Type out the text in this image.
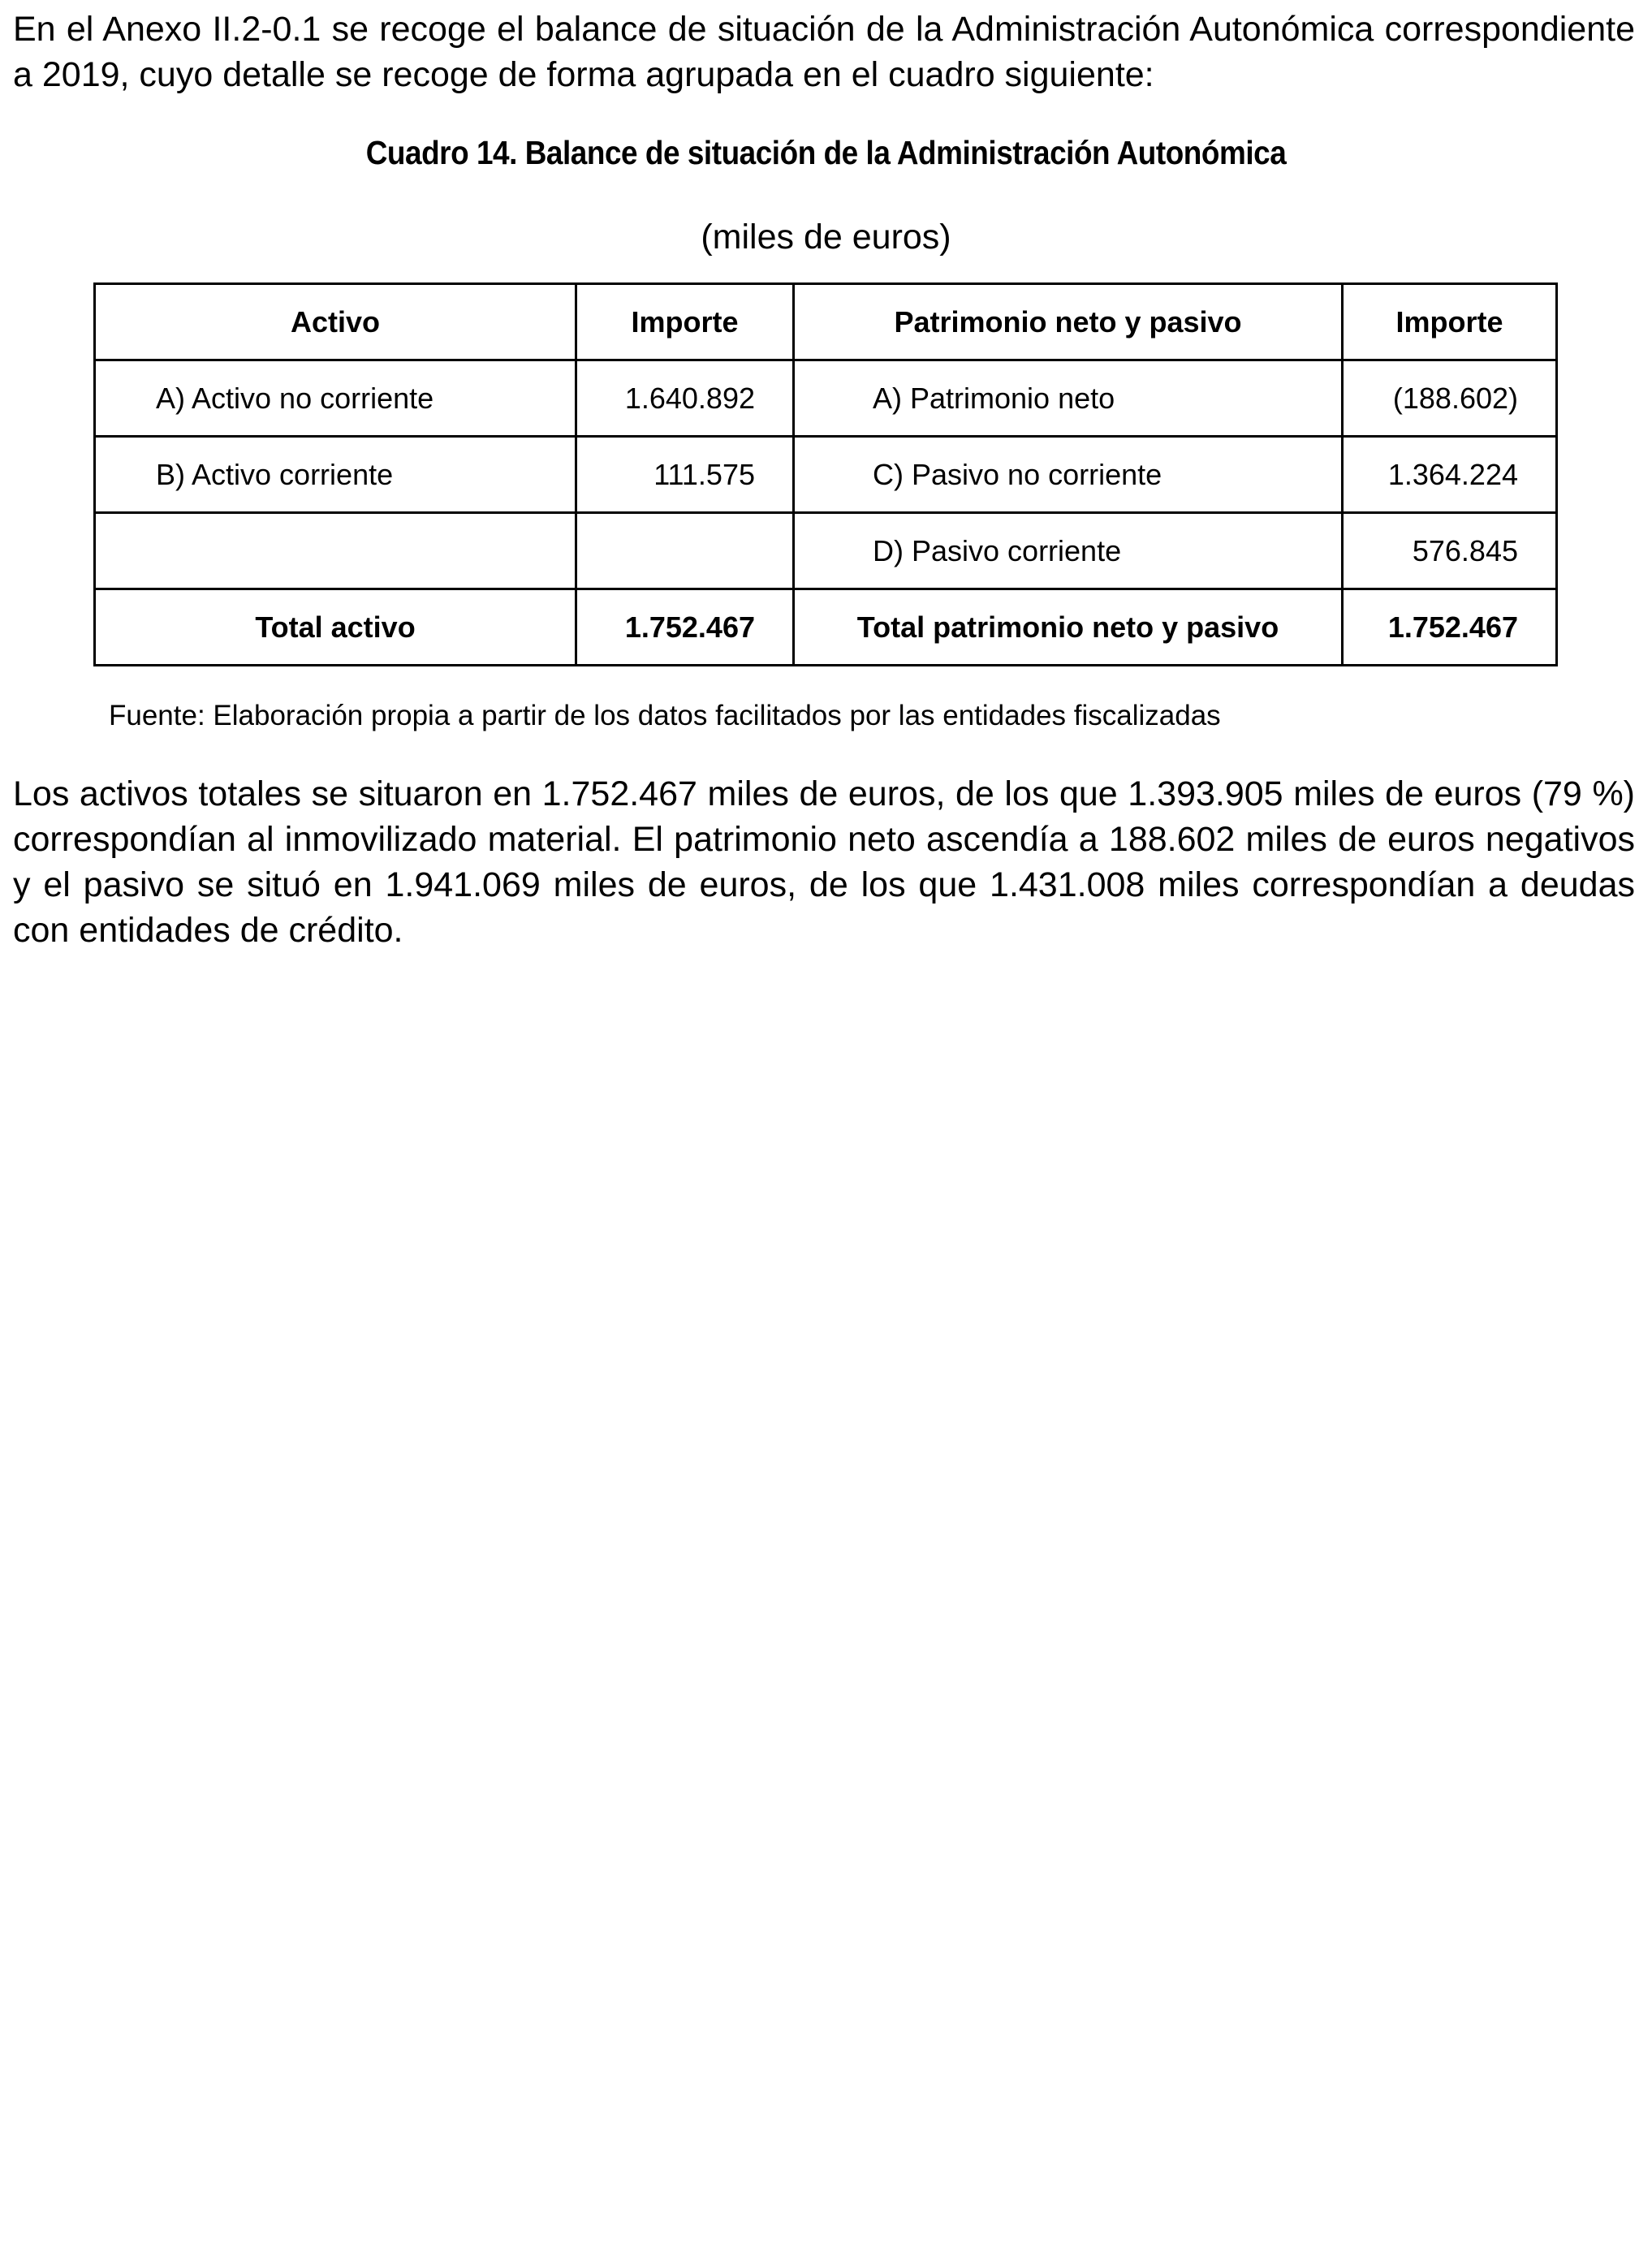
En el Anexo II.2-0.1 se recoge el balance de situación de la Administración Autonómica correspondiente a 2019, cuyo detalle se recoge de forma agrupada en el cuadro siguiente:

Cuadro 14. Balance de situación de la Administración Autonómica

(miles de euros)

Activo	Importe	Patrimonio neto y pasivo	Importe
A) Activo no corriente	1.640.892	A) Patrimonio neto	(188.602)
B) Activo corriente	111.575	C) Pasivo no corriente	1.364.224
		D) Pasivo corriente	576.845
Total activo	1.752.467	Total patrimonio neto y pasivo	1.752.467

Fuente: Elaboración propia a partir de los datos facilitados por las entidades fiscalizadas

Los activos totales se situaron en 1.752.467 miles de euros, de los que 1.393.905 miles de euros (79 %) correspondían al inmovilizado material. El patrimonio neto ascendía a 188.602 miles de euros negativos y el pasivo se situó en 1.941.069 miles de euros, de los que 1.431.008 miles correspondían a deudas con entidades de crédito.
